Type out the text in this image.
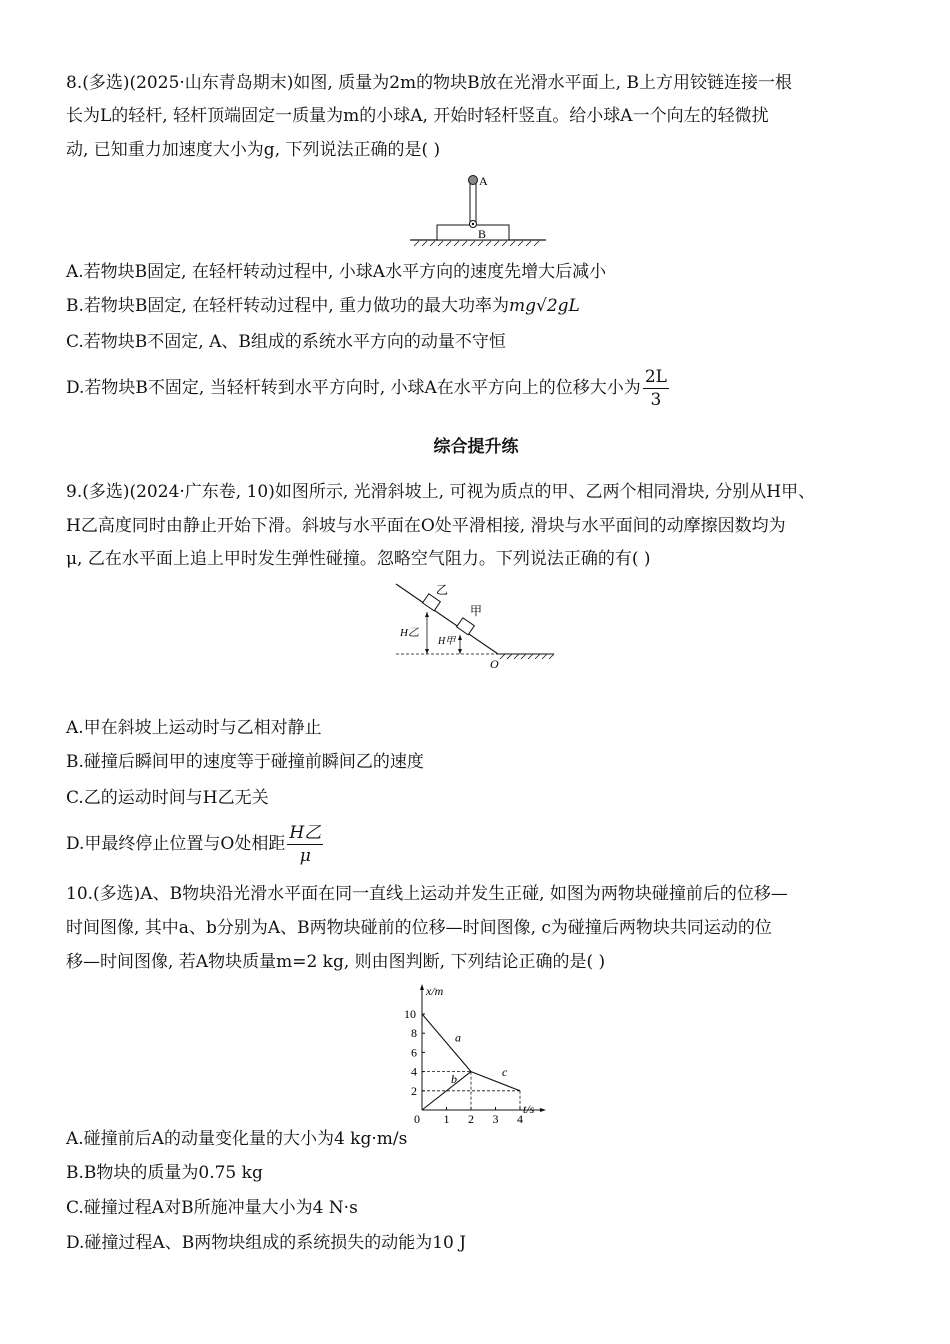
8.(多选)(2025·山东青岛期末)如图, 质量为2m的物块B放在光滑水平面上, B上方用铰链连接一根
长为L的轻杆, 轻杆顶端固定一质量为m的小球A, 开始时轻杆竖直。给小球A一个向左的轻微扰
动, 已知重力加速度大小为g, 下列说法正确的是( )
B
A
A.若物块B固定, 在轻杆转动过程中, 小球A水平方向的速度先增大后减小
B.若物块B固定, 在轻杆转动过程中, 重力做功的最大功率为mg√2gL
C.若物块B不固定, A、B组成的系统水平方向的动量不守恒
D.若物块B不固定, 当轻杆转到水平方向时, 小球A在水平方向上的位移大小为 $\frac{2L}{3}$
综合提升练
9.(多选)(2024·广东卷, 10)如图所示, 光滑斜坡上, 可视为质点的甲、乙两个相同滑块, 分别从H甲、
H乙高度同时由静止开始下滑。斜坡与水平面在O处平滑相接, 滑块与水平面间的动摩擦因数均为
μ, 乙在水平面上追上甲时发生弹性碰撞。忽略空气阻力。下列说法正确的有( )
乙
甲
H乙
H甲
O
A.甲在斜坡上运动时与乙相对静止
B.碰撞后瞬间甲的速度等于碰撞前瞬间乙的速度
C.乙的运动时间与H乙无关
D.甲最终停止位置与O处相距 $\frac{\text{H乙}}{\mu}$
10.(多选)A、B物块沿光滑水平面在同一直线上运动并发生正碰, 如图为两物块碰撞前后的位移—
时间图像, 其中a、b分别为A、B两物块碰前的位移—时间图像, c为碰撞后两物块共同运动的位
移—时间图像, 若A物块质量m=2 kg, 则由图判断, 下列结论正确的是( )
x/m
t/s
0 1 2 3 4
2
4
6
8
10
a
b	c
A.碰撞前后A的动量变化量的大小为4 kg·m/s
B.B物块的质量为0.75 kg
C.碰撞过程A对B所施冲量大小为4 N·s
D.碰撞过程A、B两物块组成的系统损失的动能为10 J
